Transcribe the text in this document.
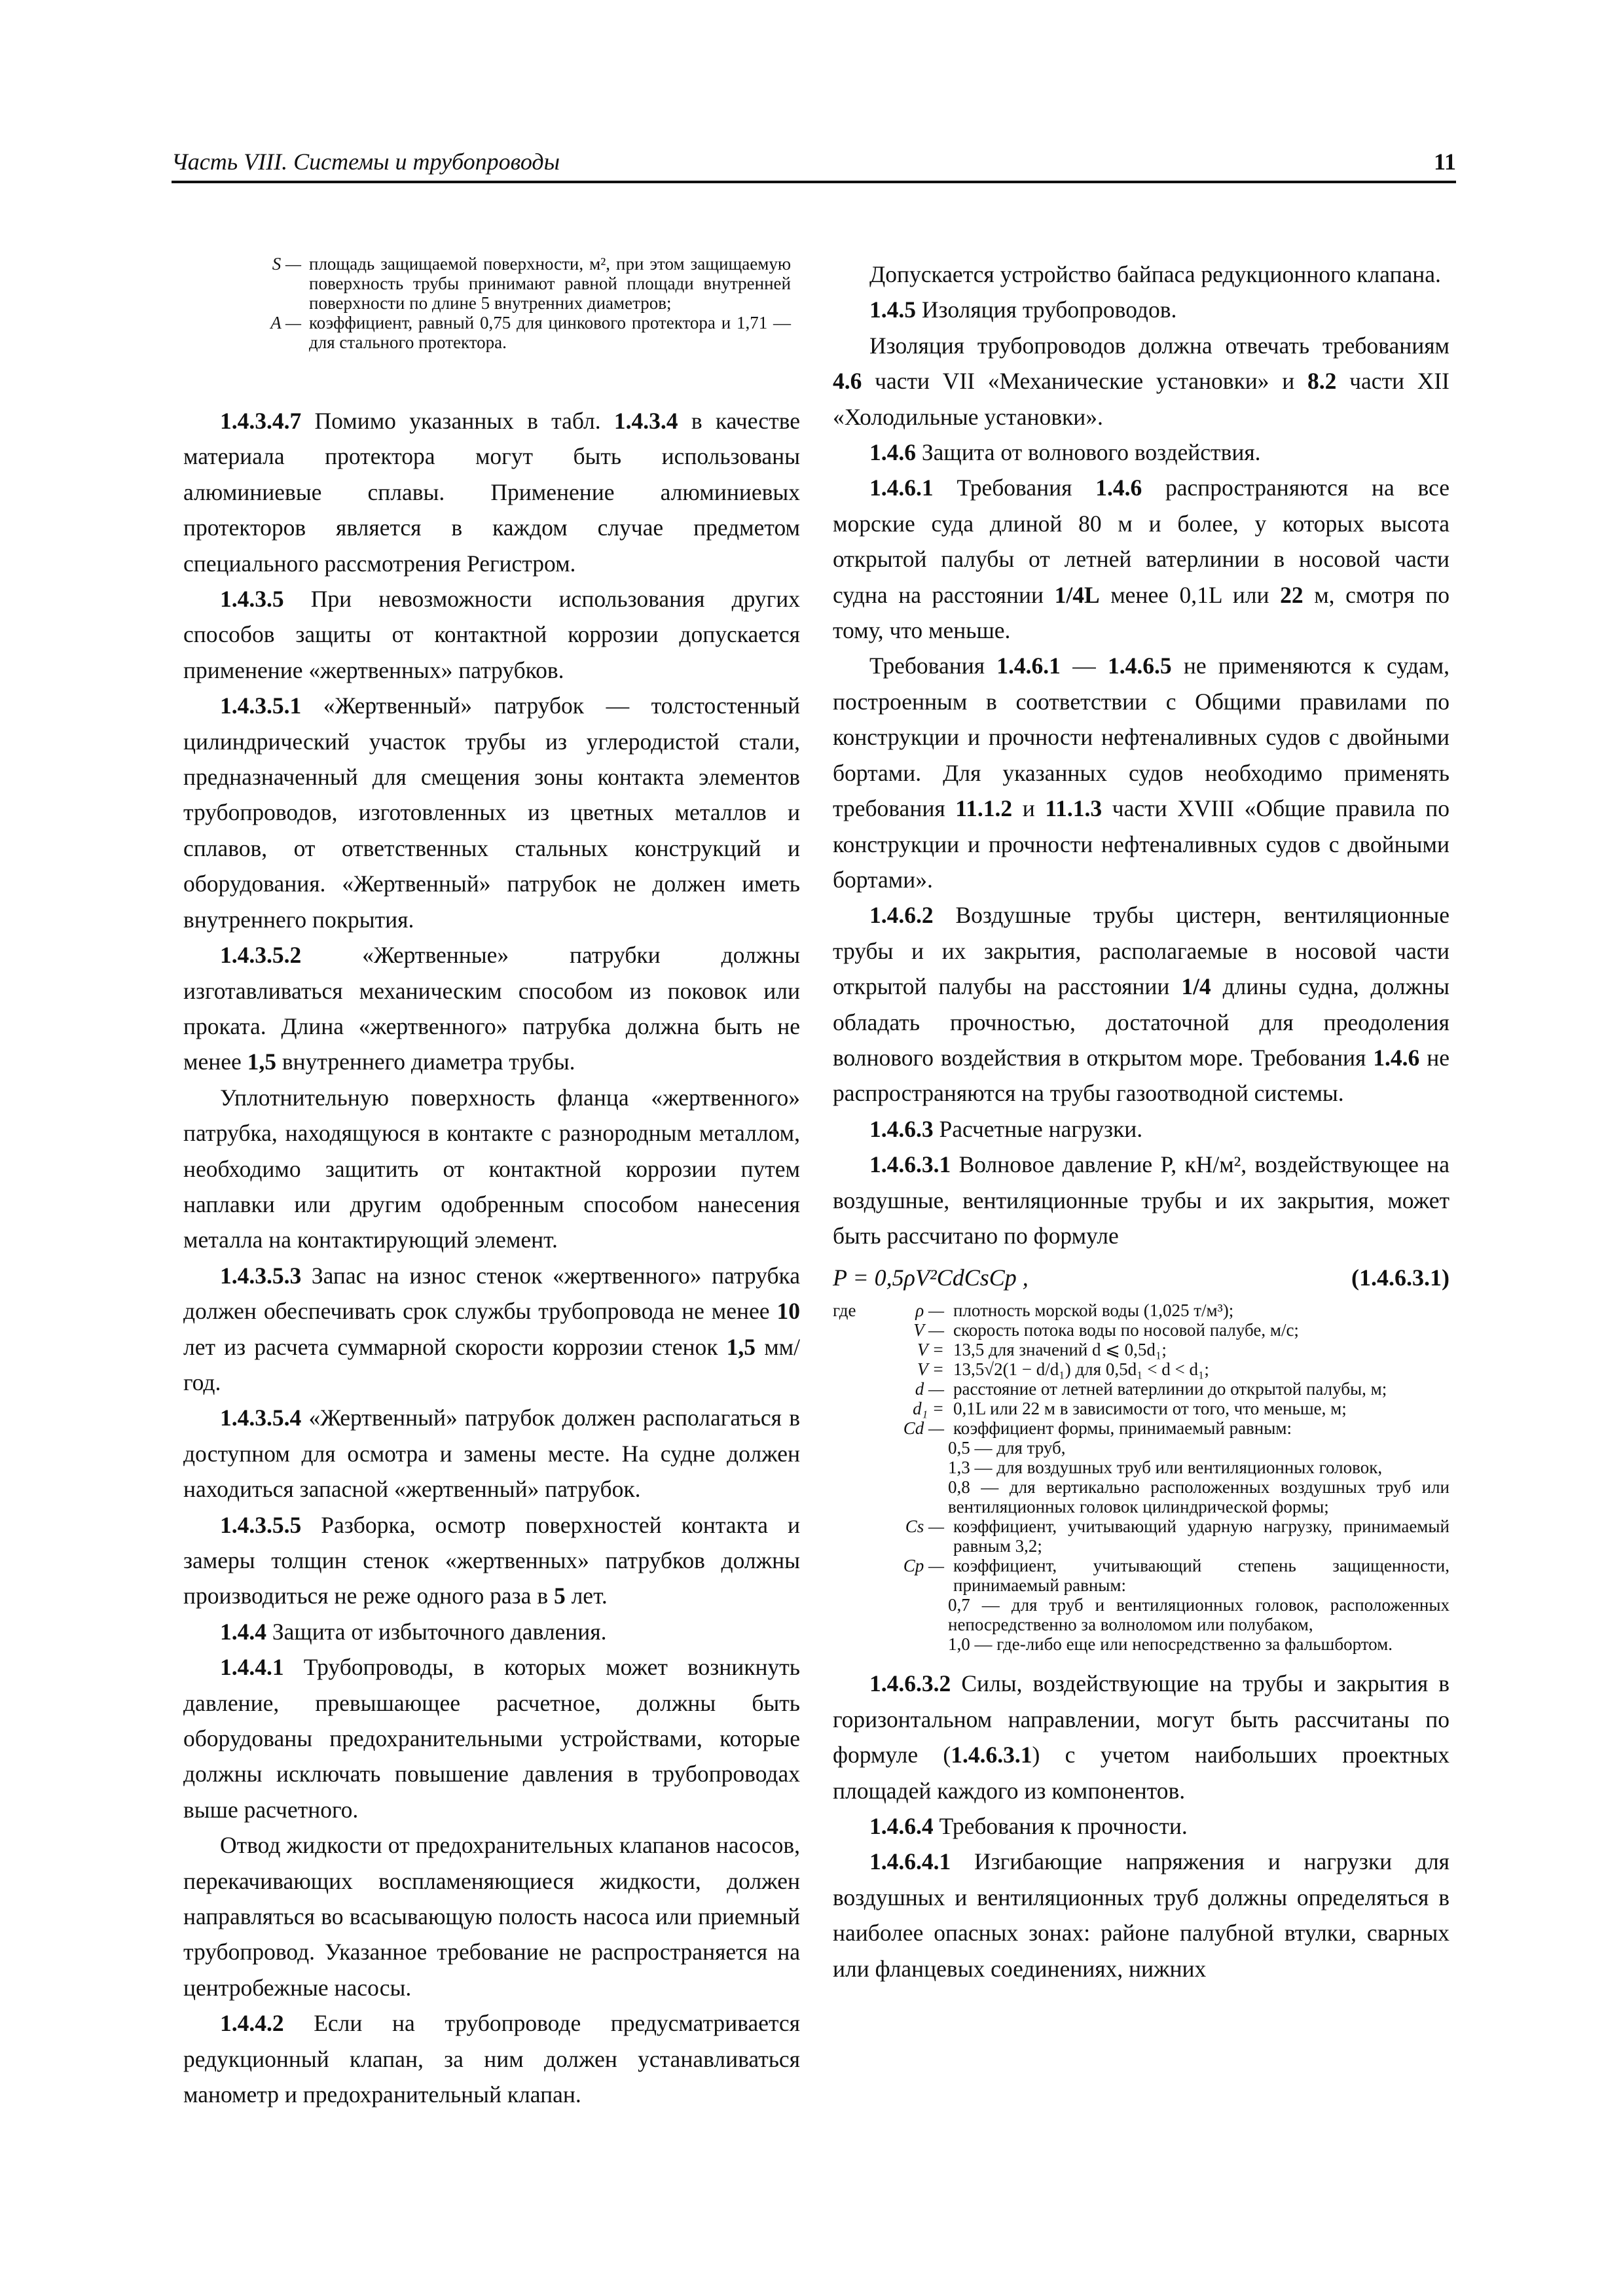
Часть VIII. Системы и трубопроводы	11
S — площадь защищаемой поверхности, м², при этом защищаемую поверхность трубы принимают равной площади внутренней поверхности по длине 5 внутренних диаметров;
A — коэффициент, равный 0,75 для цинкового протектора и 1,71 — для стального протектора.
1.4.3.4.7 Помимо указанных в табл. 1.4.3.4 в качестве материала протектора могут быть использованы алюминиевые сплавы. Применение алюминиевых протекторов является в каждом случае предметом специального рассмотрения Регистром.
1.4.3.5 При невозможности использования других способов защиты от контактной коррозии допускается применение «жертвенных» патрубков.
1.4.3.5.1 «Жертвенный» патрубок — толстостенный цилиндрический участок трубы из углеродистой стали, предназначенный для смещения зоны контакта элементов трубопроводов, изготовленных из цветных металлов и сплавов, от ответственных стальных конструкций и оборудования. «Жертвенный» патрубок не должен иметь внутреннего покрытия.
1.4.3.5.2 «Жертвенные» патрубки должны изготавливаться механическим способом из поковок или проката. Длина «жертвенного» патрубка должна быть не менее 1,5 внутреннего диаметра трубы.
Уплотнительную поверхность фланца «жертвенного» патрубка, находящуюся в контакте с разнородным металлом, необходимо защитить от контактной коррозии путем наплавки или другим одобренным способом нанесения металла на контактирующий элемент.
1.4.3.5.3 Запас на износ стенок «жертвенного» патрубка должен обеспечивать срок службы трубопровода не менее 10 лет из расчета суммарной скорости коррозии стенок 1,5 мм/год.
1.4.3.5.4 «Жертвенный» патрубок должен располагаться в доступном для осмотра и замены месте. На судне должен находиться запасной «жертвенный» патрубок.
1.4.3.5.5 Разборка, осмотр поверхностей контакта и замеры толщин стенок «жертвенных» патрубков должны производиться не реже одного раза в 5 лет.
1.4.4 Защита от избыточного давления.
1.4.4.1 Трубопроводы, в которых может возникнуть давление, превышающее расчетное, должны быть оборудованы предохранительными устройствами, которые должны исключать повышение давления в трубопроводах выше расчетного.
Отвод жидкости от предохранительных клапанов насосов, перекачивающих воспламеняющиеся жидкости, должен направляться во всасывающую полость насоса или приемный трубопровод. Указанное требование не распространяется на центробежные насосы.
1.4.4.2 Если на трубопроводе предусматривается редукционный клапан, за ним должен устанавливаться манометр и предохранительный клапан.
Допускается устройство байпаса редукционного клапана.
1.4.5 Изоляция трубопроводов.
Изоляция трубопроводов должна отвечать требованиям 4.6 части VII «Механические установки» и 8.2 части XII «Холодильные установки».
1.4.6 Защита от волнового воздействия.
1.4.6.1 Требования 1.4.6 распространяются на все морские суда длиной 80 м и более, у которых высота открытой палубы от летней ватерлинии в носовой части судна на расстоянии 1/4L менее 0,1L или 22 м, смотря по тому, что меньше.
Требования 1.4.6.1 — 1.4.6.5 не применяются к судам, построенным в соответствии с Общими правилами по конструкции и прочности нефтеналивных судов с двойными бортами. Для указанных судов необходимо применять требования 11.1.2 и 11.1.3 части XVIII «Общие правила по конструкции и прочности нефтеналивных судов с двойными бортами».
1.4.6.2 Воздушные трубы цистерн, вентиляционные трубы и их закрытия, располагаемые в носовой части открытой палубы на расстоянии 1/4 длины судна, должны обладать прочностью, достаточной для преодоления волнового воздействия в открытом море. Требования 1.4.6 не распространяются на трубы газоотводной системы.
1.4.6.3 Расчетные нагрузки.
1.4.6.3.1 Волновое давление P, кН/м², воздействующее на воздушные, вентиляционные трубы и их закрытия, может быть рассчитано по формуле
P = 0,5ρV²CdCsCp ,	(1.4.6.3.1)
где	ρ — плотность морской воды (1,025 т/м³);
V — скорость потока воды по носовой палубе, м/с;
V = 13,5 для значений d ⩽ 0,5d₁;
V = 13,5√2(1 − d/d₁) для 0,5d₁ < d < d₁;
d — расстояние от летней ватерлинии до открытой палубы, м;
d₁ = 0,1L или 22 м в зависимости от того, что меньше, м;
Cd — коэффициент формы, принимаемый равным:
0,5 — для труб,
1,3 — для воздушных труб или вентиляционных головок,
0,8 — для вертикально расположенных воздушных труб или вентиляционных головок цилиндрической формы;
Cs — коэффициент, учитывающий ударную нагрузку, принимаемый равным 3,2;
Cp — коэффициент, учитывающий степень защищенности, принимаемый равным:
0,7 — для труб и вентиляционных головок, расположенных непосредственно за волноломом или полубаком,
1,0 — где-либо еще или непосредственно за фальшбортом.
1.4.6.3.2 Силы, воздействующие на трубы и закрытия в горизонтальном направлении, могут быть рассчитаны по формуле (1.4.6.3.1) с учетом наибольших проектных площадей каждого из компонентов.
1.4.6.4 Требования к прочности.
1.4.6.4.1 Изгибающие напряжения и нагрузки для воздушных и вентиляционных труб должны определяться в наиболее опасных зонах: районе палубной втулки, сварных или фланцевых соединениях, нижних
